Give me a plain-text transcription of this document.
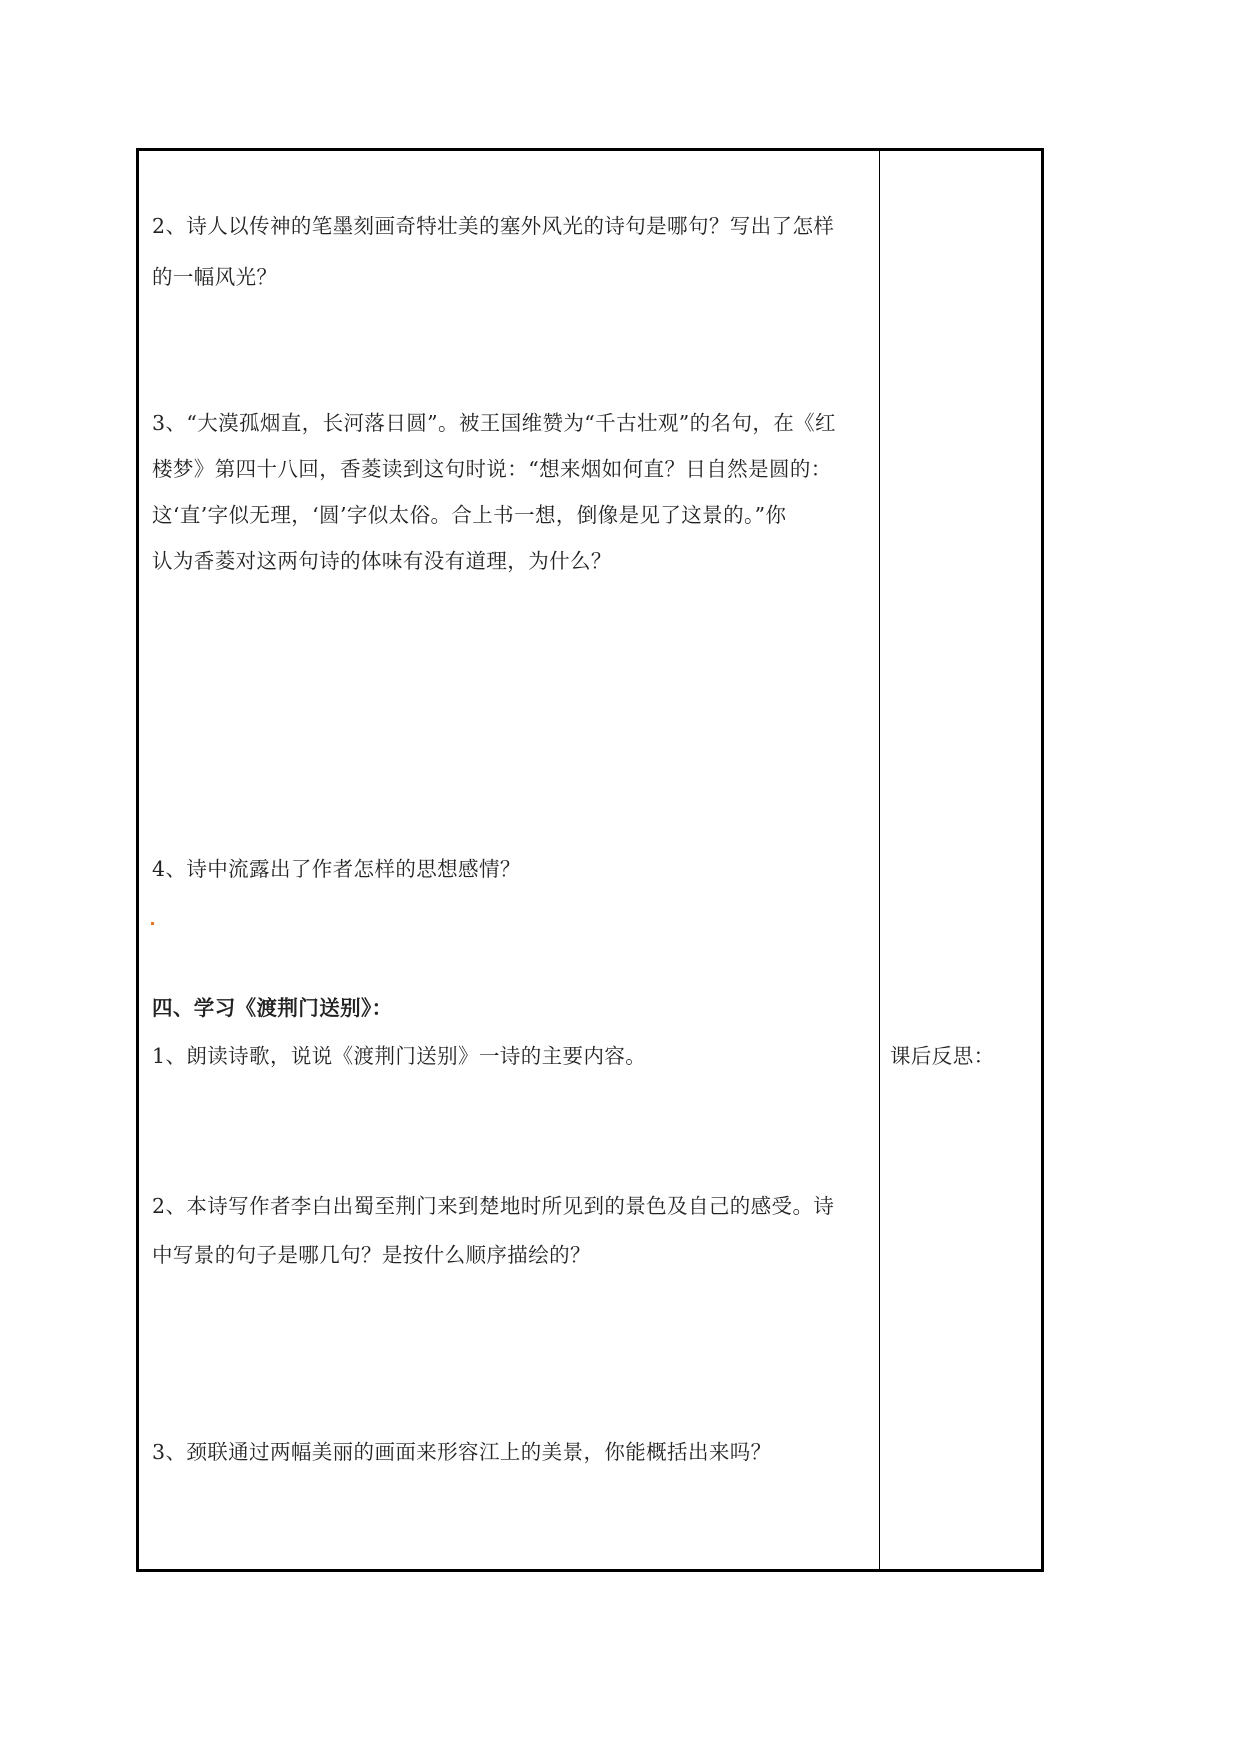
2、诗人以传神的笔墨刻画奇特壮美的塞外风光的诗句是哪句？写出了怎样
的一幅风光？
3、“大漠孤烟直，长河落日圆”。被王国维赞为“千古壮观”的名句，在《红
楼梦》第四十八回，香菱读到这句时说：“想来烟如何直？日自然是圆的：
这‘直’字似无理，‘圆’字似太俗。合上书一想，倒像是见了这景的。”你
认为香菱对这两句诗的体味有没有道理，为什么？
4、诗中流露出了作者怎样的思想感情？
四、学习《渡荆门送别》：
1、朗读诗歌，说说《渡荆门送别》一诗的主要内容。
2、本诗写作者李白出蜀至荆门来到楚地时所见到的景色及自己的感受。诗
中写景的句子是哪几句？是按什么顺序描绘的？
3、颈联通过两幅美丽的画面来形容江上的美景，你能概括出来吗？
课后反思：
